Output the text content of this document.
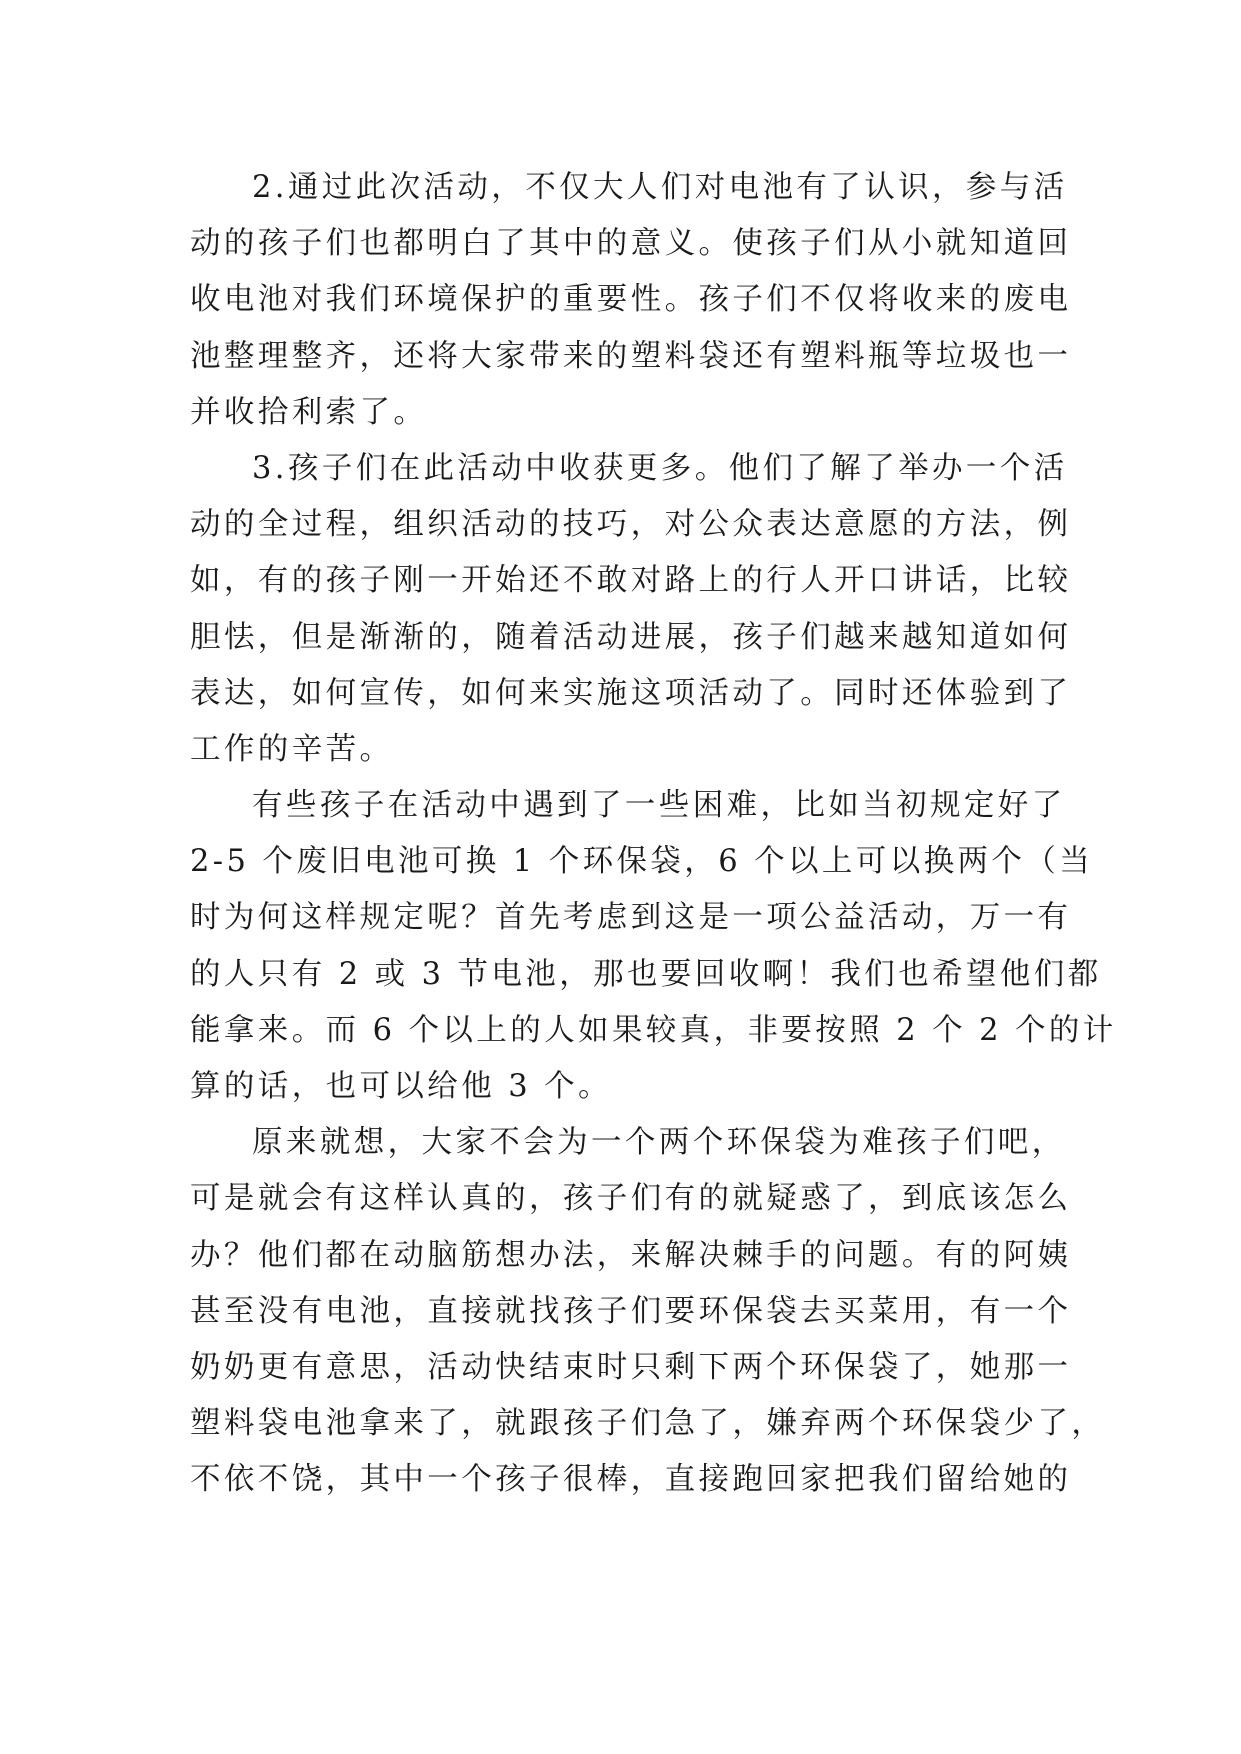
2.通过此次活动，不仅大人们对电池有了认识，参与活
动的孩子们也都明白了其中的意义。使孩子们从小就知道回
收电池对我们环境保护的重要性。孩子们不仅将收来的废电
池整理整齐，还将大家带来的塑料袋还有塑料瓶等垃圾也一
并收拾利索了。
3.孩子们在此活动中收获更多。他们了解了举办一个活
动的全过程，组织活动的技巧，对公众表达意愿的方法，例
如，有的孩子刚一开始还不敢对路上的行人开口讲话，比较
胆怯，但是渐渐的，随着活动进展，孩子们越来越知道如何
表达，如何宣传，如何来实施这项活动了。同时还体验到了
工作的辛苦。
有些孩子在活动中遇到了一些困难，比如当初规定好了
2-5 个废旧电池可换 1 个环保袋，6 个以上可以换两个（当
时为何这样规定呢？首先考虑到这是一项公益活动，万一有
的人只有 2 或 3 节电池，那也要回收啊！我们也希望他们都
能拿来。而 6 个以上的人如果较真，非要按照 2 个 2 个的计
算的话，也可以给他 3 个。
原来就想，大家不会为一个两个环保袋为难孩子们吧，
可是就会有这样认真的，孩子们有的就疑惑了，到底该怎么
办？他们都在动脑筋想办法，来解决棘手的问题。有的阿姨
甚至没有电池，直接就找孩子们要环保袋去买菜用，有一个
奶奶更有意思，活动快结束时只剩下两个环保袋了，她那一
塑料袋电池拿来了，就跟孩子们急了，嫌弃两个环保袋少了，
不依不饶，其中一个孩子很棒，直接跑回家把我们留给她的
